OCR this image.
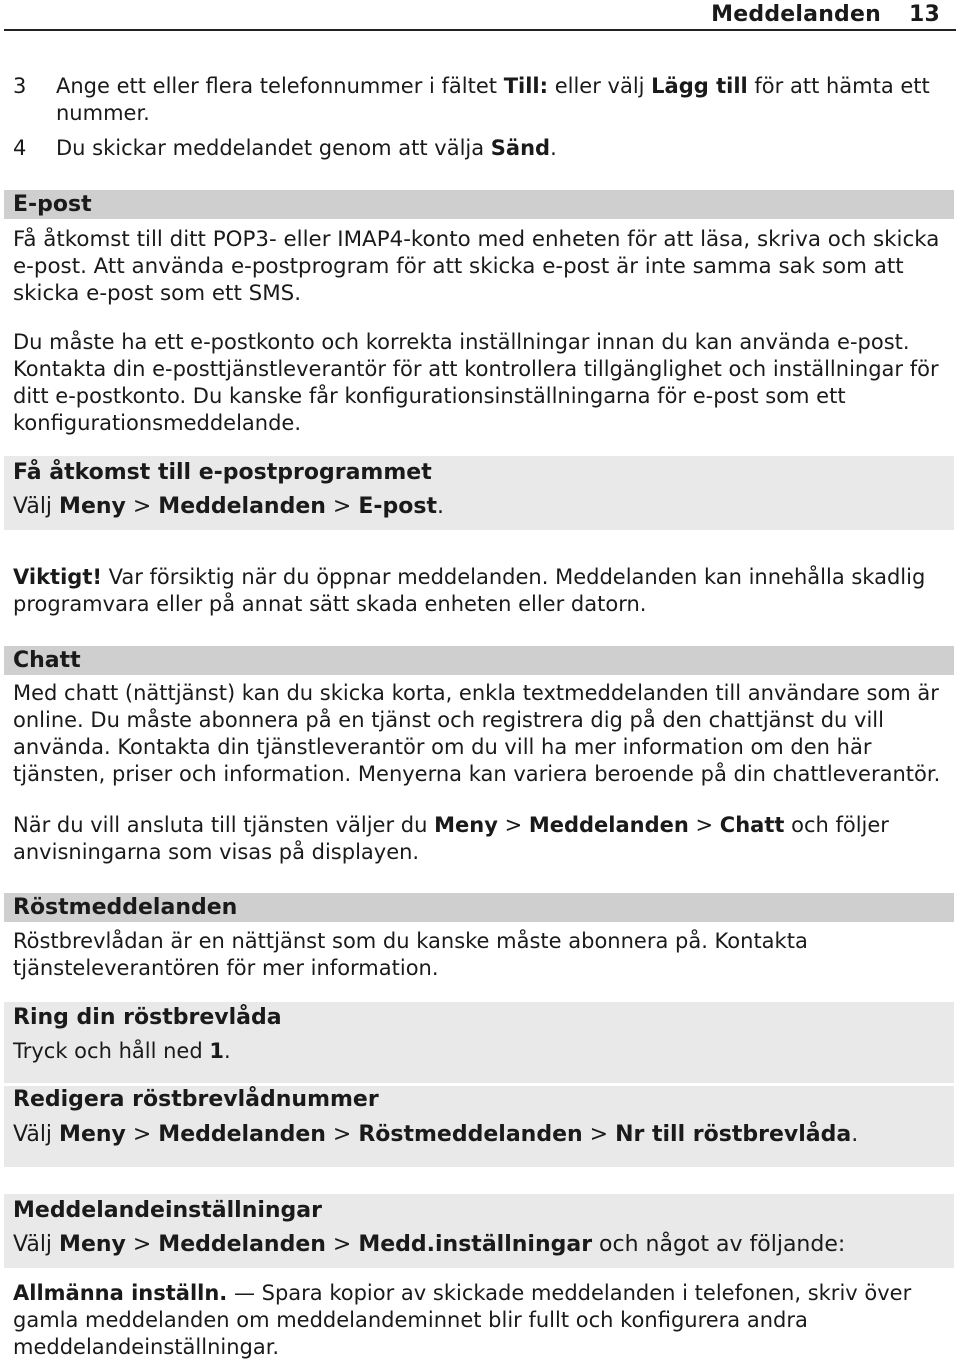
Meddelanden 13
3 Ange ett eller flera telefonnummer i fältet Till: eller välj Lägg till för att hämta ett nummer.
4 Du skickar meddelandet genom att välja Sänd.
E-post
Få åtkomst till ditt POP3- eller IMAP4-konto med enheten för att läsa, skriva och skicka e-post. Att använda e-postprogram för att skicka e-post är inte samma sak som att skicka e-post som ett SMS.
Du måste ha ett e-postkonto och korrekta inställningar innan du kan använda e-post. Kontakta din e-posttjänstleverantör för att kontrollera tillgänglighet och inställningar för ditt e-postkonto. Du kanske får konfigurationsinställningarna för e-post som ett konfigurationsmeddelande.
Få åtkomst till e-postprogrammet
Välj Meny > Meddelanden > E-post.
Viktigt! Var försiktig när du öppnar meddelanden. Meddelanden kan innehålla skadlig programvara eller på annat sätt skada enheten eller datorn.
Chatt
Med chatt (nättjänst) kan du skicka korta, enkla textmeddelanden till användare som är online. Du måste abonnera på en tjänst och registrera dig på den chattjänst du vill använda. Kontakta din tjänstleverantör om du vill ha mer information om den här tjänsten, priser och information. Menyerna kan variera beroende på din chattleverantör.
När du vill ansluta till tjänsten väljer du Meny > Meddelanden > Chatt och följer anvisningarna som visas på displayen.
Röstmeddelanden
Röstbrevlådan är en nättjänst som du kanske måste abonnera på. Kontakta tjänsteleverantören för mer information.
Ring din röstbrevlåda
Tryck och håll ned 1.
Redigera röstbrevlådnummer
Välj Meny > Meddelanden > Röstmeddelanden > Nr till röstbrevlåda.
Meddelandeinställningar
Välj Meny > Meddelanden > Medd.inställningar och något av följande:
Allmänna inställn. — Spara kopior av skickade meddelanden i telefonen, skriv över gamla meddelanden om meddelandeminnet blir fullt och konfigurera andra meddelandeinställningar.
